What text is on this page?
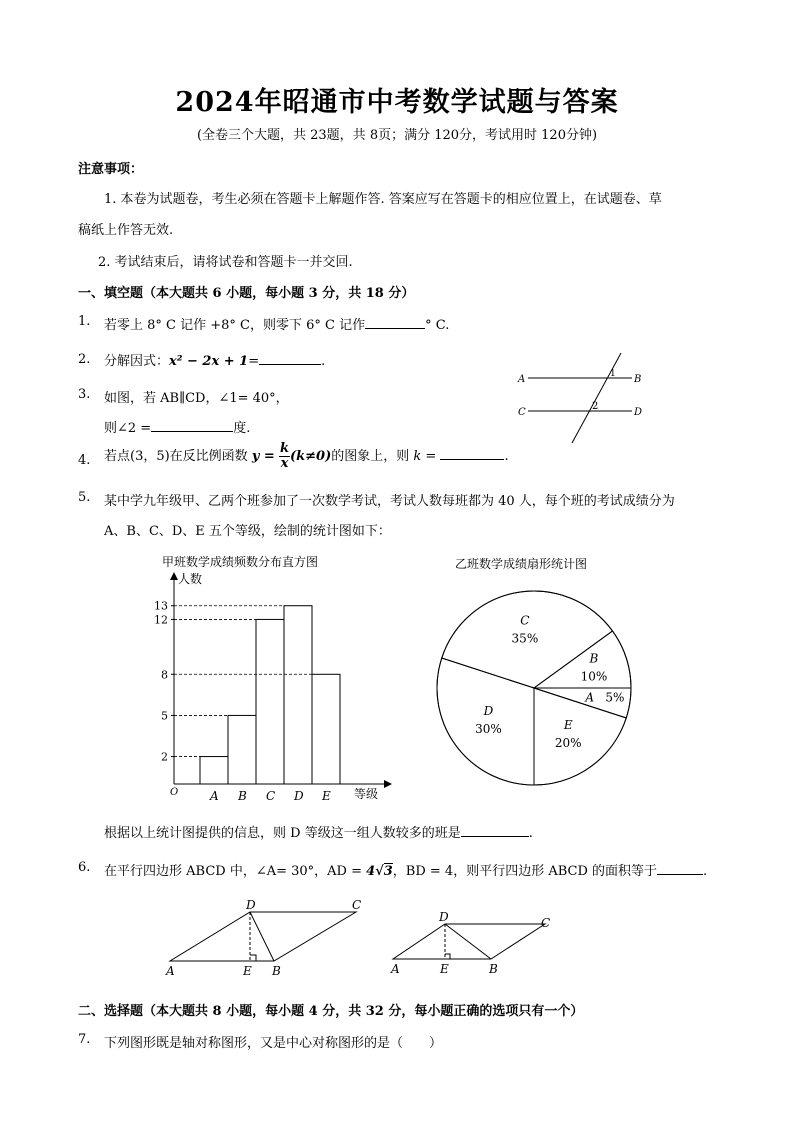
2024年昭通市中考数学试题与答案
(全卷三个大题，共 23题，共 8页；满分 120分，考试用时 120分钟)
注意事项：
1. 本卷为试题卷，考生必须在答题卡上解题作答. 答案应写在答题卡的相应位置上，在试题卷、草
稿纸上作答无效.
2. 考试结束后，请将试卷和答题卡一并交回.
一、填空题（本大题共 6 小题，每小题 3 分，共 18 分）
1. 若零上 8° C 记作 +8° C，则零下 6° C 记作	° C.
2. 分解因式：x² − 2x + 1=	.
3. 如图，若 AB∥CD，∠1= 40°，
则∠2 =	度.
A	B
C	D
1
2
4. 若点(3，5)在反比例函数 $y = \frac{k}{x} (k\ne 0)$的图象上，则 k =	.
5. 某中学九年级甲、乙两个班参加了一次数学考试，考试人数每班都为 40 人，每个班的考试成绩分为
A、B、C、D、E 五个等级，绘制的统计图如下：
甲班数学成绩频数分布直方图
人数
等级
O	A B C D E
2
5
8
12
13
乙班数学成绩扇形统计图
A 5%
B
10%
C
35%
D
30%	E
20%
根据以上统计图提供的信息，则 D 等级这一组人数较多的班是	.
6. 在平行四边形 ABCD 中，∠A= 30°，AD = 4√3，BD = 4，则平行四边形 ABCD 的面积等于	.
A	E B
D	C
A	E	B
D	C
二、选择题（本大题共 8 小题，每小题 4 分，共 32 分，每小题正确的选项只有一个）
7. 下列图形既是轴对称图形，又是中心对称图形的是（　　）
